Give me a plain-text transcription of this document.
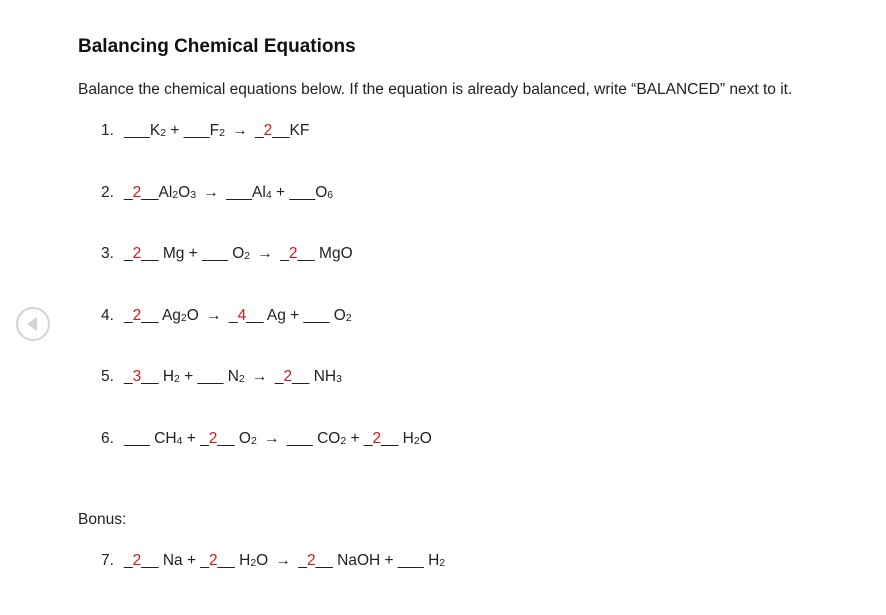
Balancing Chemical Equations

Balance the chemical equations below. If the equation is already balanced, write “BALANCED” next to it.

Bonus:

1. $\_\_\_K_2$ + $\_\_\_F_2$ → _2__KF
2. $\_2\_\_Al_2O_3$ → $\_\_\_Al_4$ + $\_\_\_O_6$
3. _2__ Mg + ___ $O_2$ → _2__ MgO
4. _2__ $Ag_2O$ → _4__ Ag + ___ $O_2$
5. _3__ $H_2$ + ___ $N_2$ → _2__ $NH_3$
6. ___ $CH_4$ + _2__ $O_2$ → ___ $CO_2$ + _2__ $H_2O$
7. _2__ Na + _2__ $H_2O$ → _2__ NaOH + ___ $H_2$
